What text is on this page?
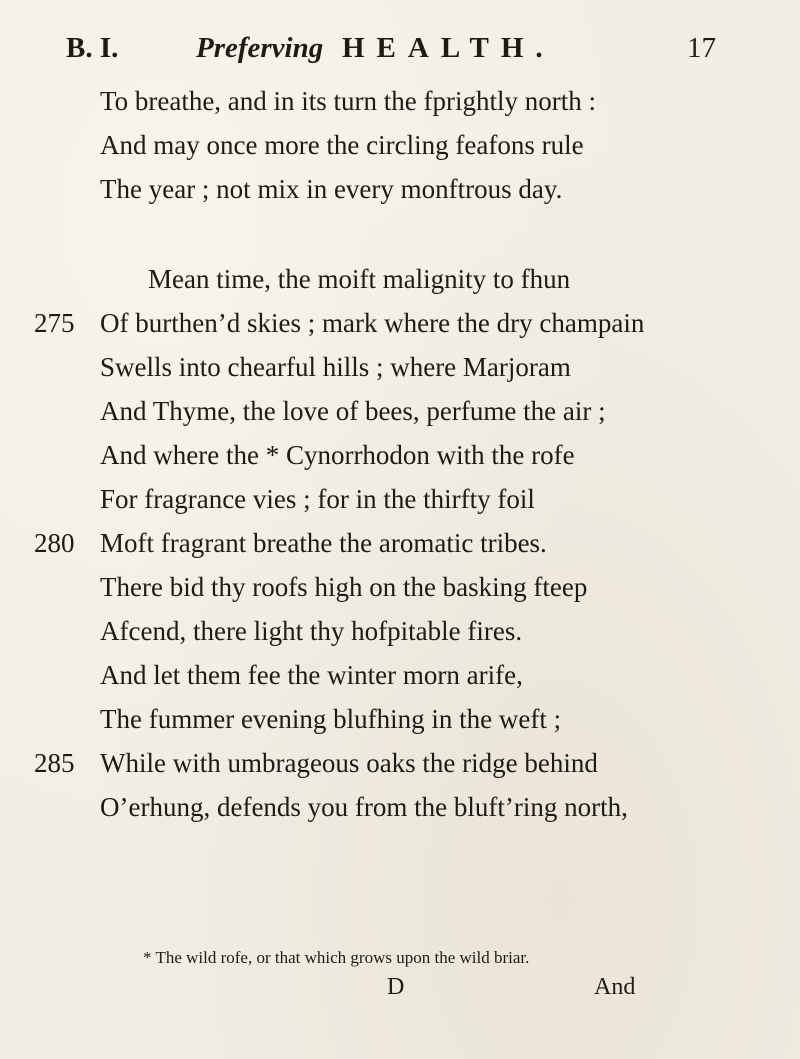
B. I.	Preferving HEALTH.	17
To breathe, and in its turn the fprightly north :
And may once more the circling feafons rule
The year ; not mix in every monftrous day.
Mean time, the moift malignity to fhun
275 Of burthen’d skies ; mark where the dry champain
Swells into chearful hills ; where Marjoram
And Thyme, the love of bees, perfume the air ;
And where the * Cynorrhodon with the rofe
For fragrance vies ; for in the thirfty foil
280 Moft fragrant breathe the aromatic tribes.
There bid thy roofs high on the basking fteep
Afcend, there light thy hofpitable fires.
And let them fee the winter morn arife,
The fummer evening blufhing in the weft ;
285 While with umbrageous oaks the ridge behind
O’erhung, defends you from the bluft’ring north,
* The wild rofe, or that which grows upon the wild briar.
D	And
